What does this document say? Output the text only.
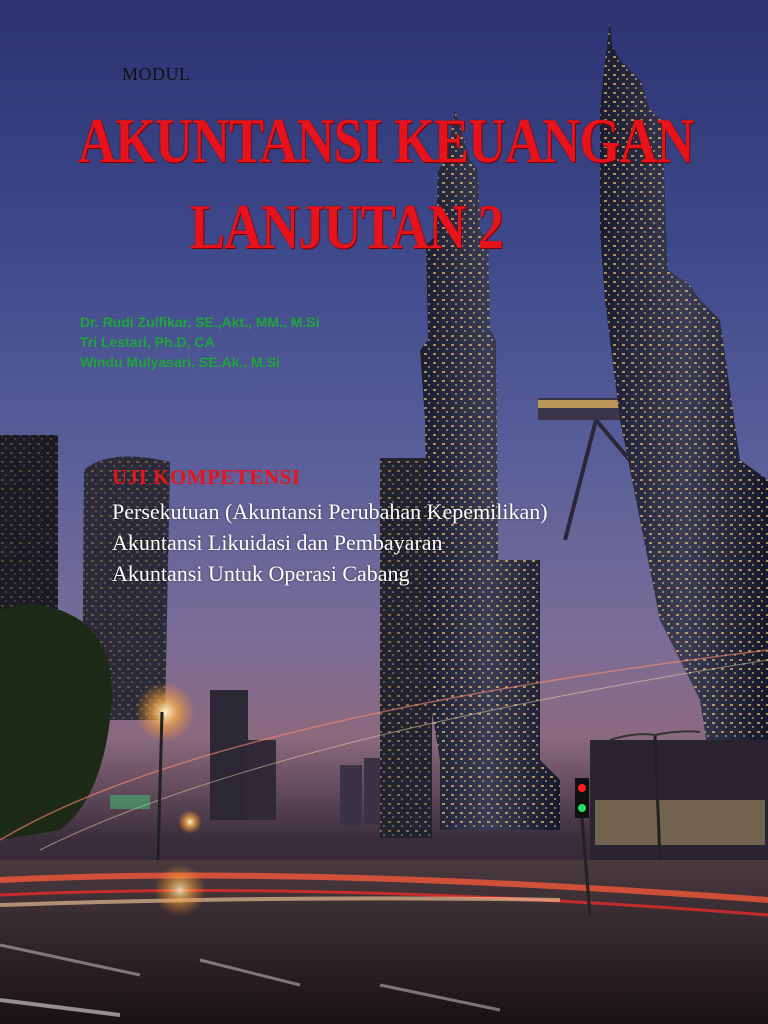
MODUL
AKUNTANSI KEUANGAN
LANJUTAN 2
Dr. Rudi Zulfikar, SE.,Akt., MM., M.Si
Tri Lestari, Ph.D, CA
Windu Mulyasari, SE.Ak., M.Si
UJI KOMPETENSI
Persekutuan (Akuntansi Perubahan Kepemilikan)
Akuntansi Likuidasi dan Pembayaran
Akuntansi Untuk Operasi Cabang
